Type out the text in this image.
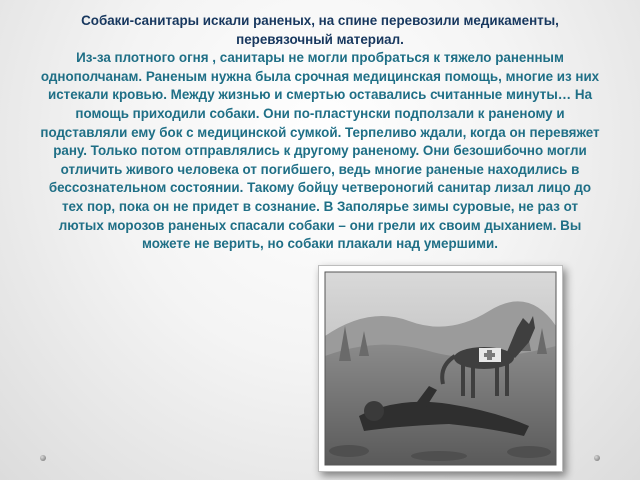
Собаки-санитары искали раненых, на спине перевозили медикаменты, перевязочный материал.

Из-за плотного огня , санитары не могли пробраться к тяжело раненным однополчанам. Раненым нужна была срочная медицинская помощь, многие из них истекали кровью. Между жизнью и смертью оставались считанные минуты… На помощь приходили собаки. Они по-пластунски подползали к раненому и подставляли ему бок с медицинской сумкой. Терпеливо ждали, когда он перевяжет рану. Только потом отправлялись к другому раненому. Они безошибочно могли отличить живого человека от погибшего, ведь многие раненые находились в бессознательном состоянии. Такому бойцу четвероногий санитар лизал лицо до тех пор, пока он не придет в сознание. В Заполярье зимы суровые, не раз от лютых морозов раненых спасали собаки – они грели их своим дыханием. Вы можете не верить, но собаки плакали над умершими.
